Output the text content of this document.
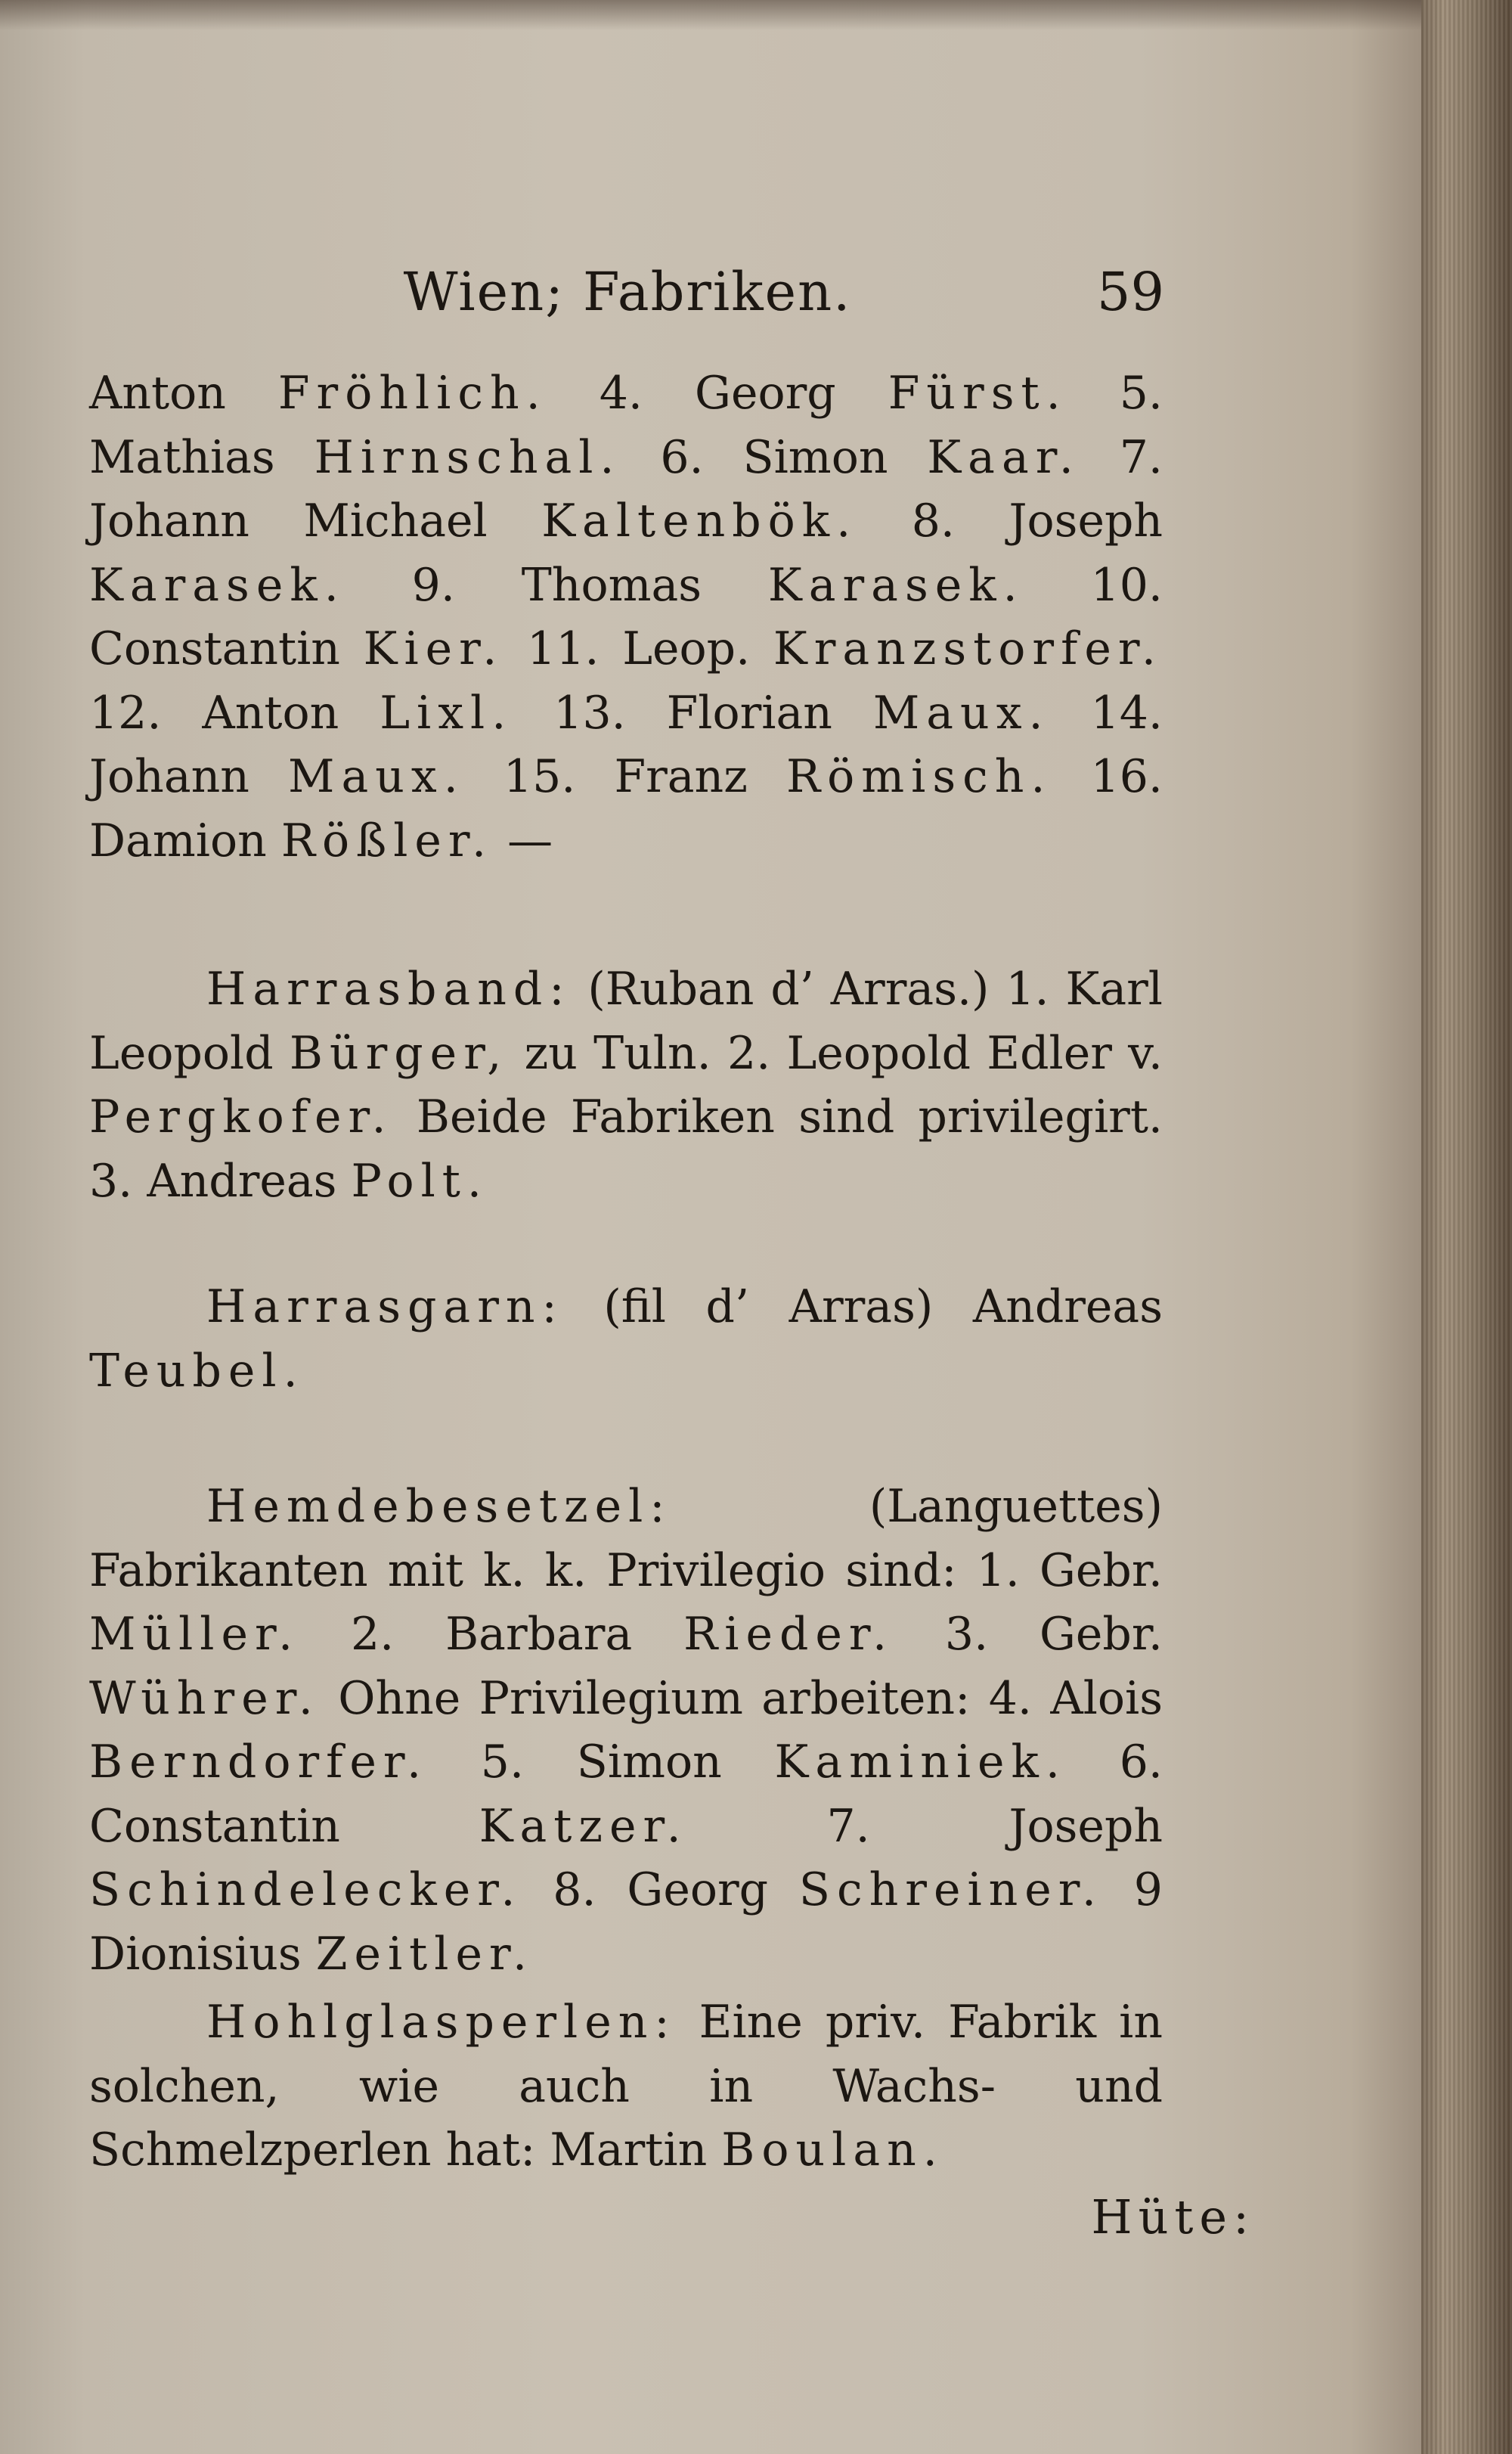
Wien; Fabriken.	59

Anton Fröhlich. 4. Georg Fürst. 5. Mathias Hirnschal. 6. Simon Kaar. 7. Johann Michael Kaltenbök. 8. Joseph Karasek. 9. Thomas Karasek. 10. Constantin Kier. 11. Leop. Kranzstorfer. 12. Anton Lixl. 13. Florian Maux. 14. Johann Maux. 15. Franz Römisch. 16. Damion Rößler. —

Harrasband: (Ruban d’ Arras.) 1. Karl Leopold Bürger, zu Tuln. 2. Leopold Edler v. Pergkofer. Beide Fabriken sind privilegirt. 3. Andreas Polt.

Harrasgarn: (fil d’ Arras) Andreas Teubel.

Hemdebesetzel: (Languettes) Fabrikanten mit k. k. Privilegio sind: 1. Gebr. Müller. 2. Barbara Rieder. 3. Gebr. Wührer. Ohne Privilegium arbeiten: 4. Alois Berndorfer. 5. Simon Kaminiek. 6. Constantin Katzer. 7. Joseph Schindelecker. 8. Georg Schreiner. 9 Dionisius Zeitler.

Hohlglasperlen: Eine priv. Fabrik in solchen, wie auch in Wachs- und Schmelzperlen hat: Martin Boulan.

Hüte:
